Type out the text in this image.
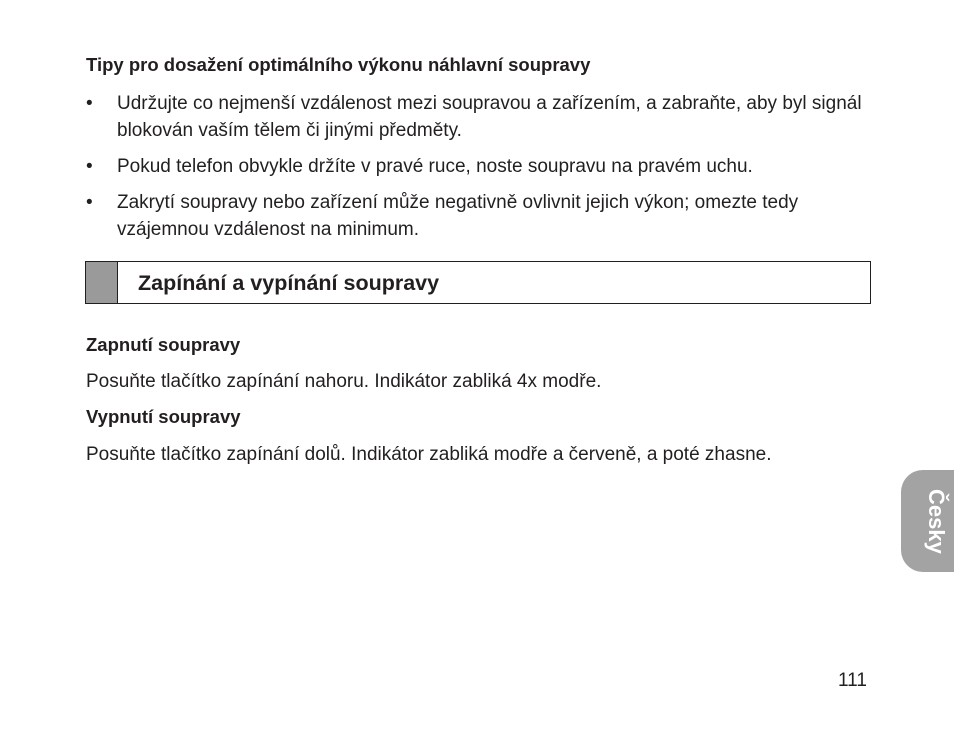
Tipy pro dosažení optimálního výkonu náhlavní soupravy
• Udržujte co nejmenší vzdálenost mezi soupravou a zařízením, a zabraňte, aby byl signál blokován vaším tělem či jinými předměty.
• Pokud telefon obvykle držíte v pravé ruce, noste soupravu na pravém uchu.
• Zakrytí soupravy nebo zařízení může negativně ovlivnit jejich výkon; omezte tedy vzájemnou vzdálenost na minimum.
Zapínání a vypínání soupravy
Zapnutí soupravy
Posuňte tlačítko zapínání nahoru. Indikátor zabliká 4x modře.
Vypnutí soupravy
Posuňte tlačítko zapínání dolů. Indikátor zabliká modře a červeně, a poté zhasne.
Česky
111
